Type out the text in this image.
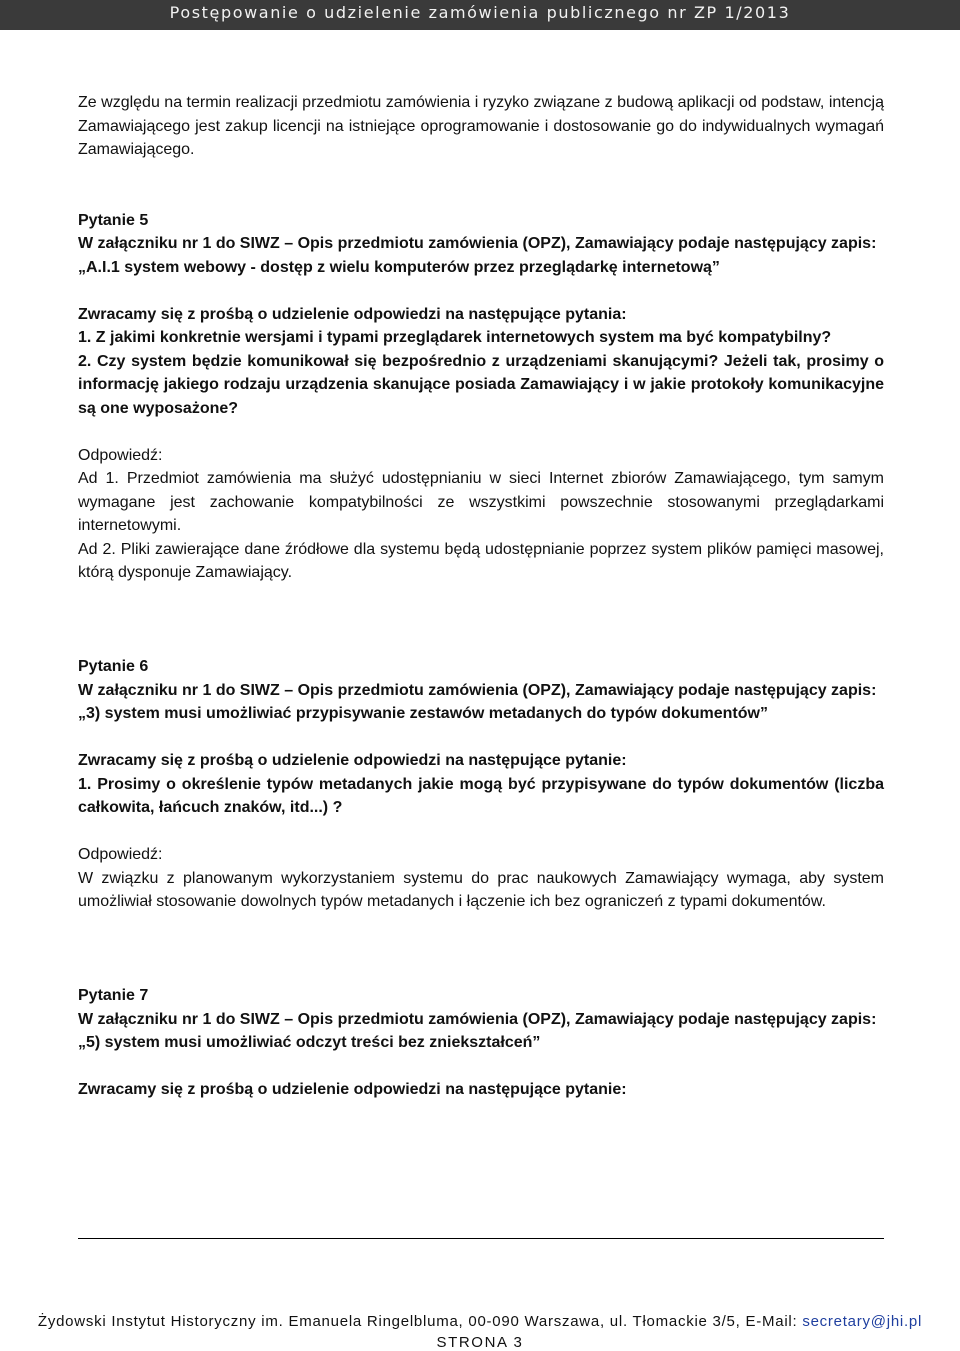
Postępowanie o udzielenie zamówienia publicznego nr ZP 1/2013

Ze względu na termin realizacji przedmiotu zamówienia i ryzyko związane z budową aplikacji od podstaw, intencją Zamawiającego jest zakup licencji na istniejące oprogramowanie i dostosowanie go do indywidualnych wymagań Zamawiającego.

Pytanie 5

W załączniku nr 1 do SIWZ – Opis przedmiotu zamówienia (OPZ), Zamawiający podaje następujący zapis:

„A.I.1 system webowy - dostęp z wielu komputerów przez przeglądarkę internetową”

Zwracamy się z prośbą o udzielenie odpowiedzi na następujące pytania:

1. Z jakimi konkretnie wersjami i typami przeglądarek internetowych system ma być kompatybilny?

2. Czy system będzie komunikował się bezpośrednio z urządzeniami skanującymi? Jeżeli tak, prosimy o informację jakiego rodzaju urządzenia skanujące posiada Zamawiający i w jakie protokoły komunikacyjne są one wyposażone?

Odpowiedź:

Ad 1. Przedmiot zamówienia ma służyć udostępnianiu w sieci Internet zbiorów Zamawiającego, tym samym wymagane jest zachowanie kompatybilności ze wszystkimi powszechnie stosowanymi przeglądarkami internetowymi.

Ad 2. Pliki zawierające dane źródłowe dla systemu będą udostępnianie poprzez system plików pamięci masowej, którą dysponuje Zamawiający.

Pytanie 6

W załączniku nr 1 do SIWZ – Opis przedmiotu zamówienia (OPZ), Zamawiający podaje następujący zapis:

„3) system musi umożliwiać przypisywanie zestawów metadanych do typów dokumentów”

Zwracamy się z prośbą o udzielenie odpowiedzi na następujące pytanie:

1. Prosimy o określenie typów metadanych jakie mogą być przypisywane do typów dokumentów (liczba całkowita, łańcuch znaków, itd...) ?

Odpowiedź:

W związku z planowanym wykorzystaniem systemu do prac naukowych Zamawiający wymaga, aby system umożliwiał stosowanie dowolnych typów metadanych i łączenie ich bez ograniczeń z typami dokumentów.

Pytanie 7

W załączniku nr 1 do SIWZ – Opis przedmiotu zamówienia (OPZ), Zamawiający podaje następujący zapis:

„5) system musi umożliwiać odczyt treści bez zniekształceń”

Zwracamy się z prośbą o udzielenie odpowiedzi na następujące pytanie:

Żydowski Instytut Historyczny im. Emanuela Ringelbluma, 00-090 Warszawa, ul. Tłomackie 3/5, E-Mail: secretary@jhi.pl
STRONA 3
